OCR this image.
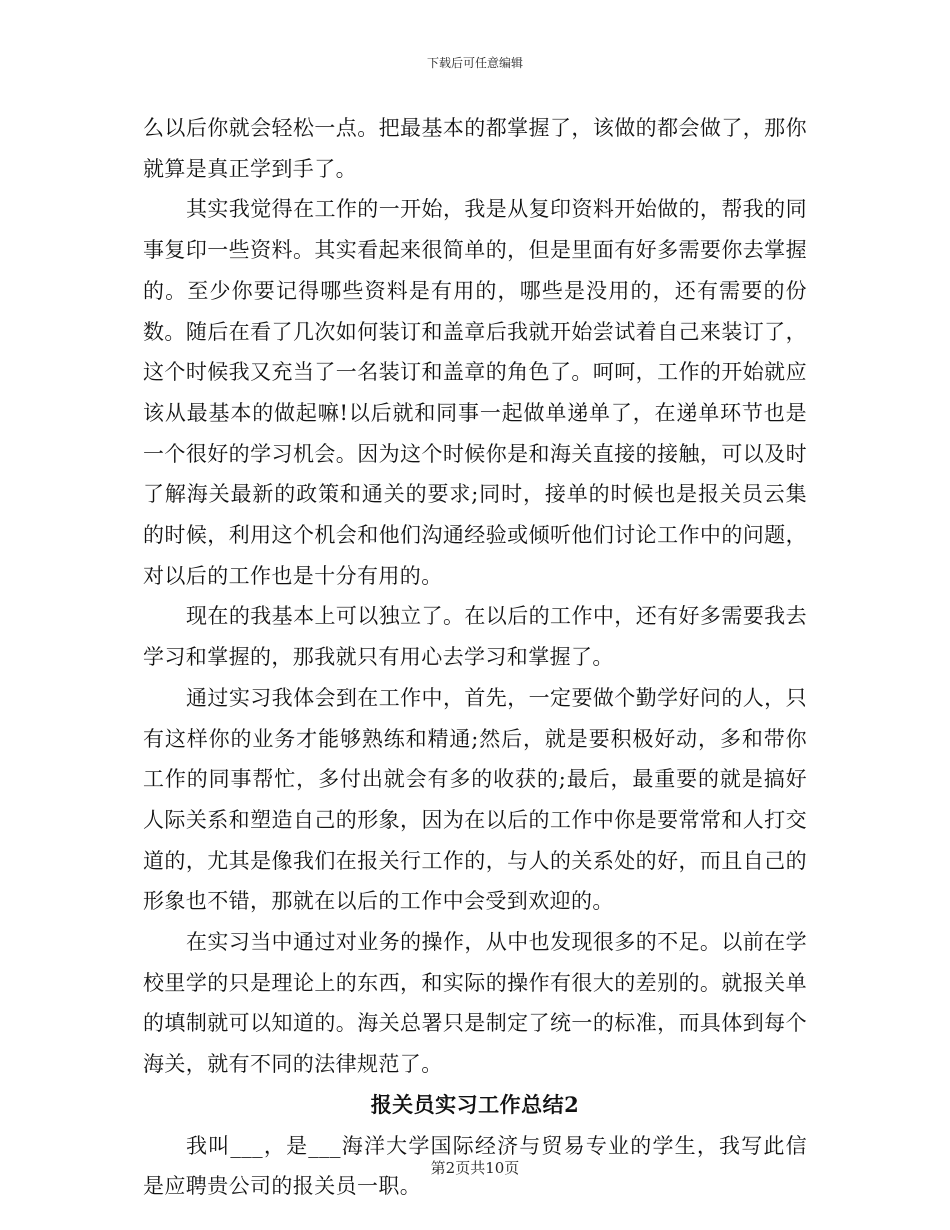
下载后可任意编辑

么以后你就会轻松一点。把最基本的都掌握了，该做的都会做了，那你就算是真正学到手了。

其实我觉得在工作的一开始，我是从复印资料开始做的，帮我的同事复印一些资料。其实看起来很简单的，但是里面有好多需要你去掌握的。至少你要记得哪些资料是有用的，哪些是没用的，还有需要的份数。随后在看了几次如何装订和盖章后我就开始尝试着自己来装订了，这个时候我又充当了一名装订和盖章的角色了。呵呵，工作的开始就应该从最基本的做起嘛!以后就和同事一起做单递单了，在递单环节也是一个很好的学习机会。因为这个时候你是和海关直接的接触，可以及时了解海关最新的政策和通关的要求;同时，接单的时候也是报关员云集的时候，利用这个机会和他们沟通经验或倾听他们讨论工作中的问题，对以后的工作也是十分有用的。

现在的我基本上可以独立了。在以后的工作中，还有好多需要我去学习和掌握的，那我就只有用心去学习和掌握了。

通过实习我体会到在工作中，首先，一定要做个勤学好问的人，只有这样你的业务才能够熟练和精通;然后，就是要积极好动，多和带你工作的同事帮忙，多付出就会有多的收获的;最后，最重要的就是搞好人际关系和塑造自己的形象，因为在以后的工作中你是要常常和人打交道的，尤其是像我们在报关行工作的，与人的关系处的好，而且自己的形象也不错，那就在以后的工作中会受到欢迎的。

在实习当中通过对业务的操作，从中也发现很多的不足。以前在学校里学的只是理论上的东西，和实际的操作有很大的差别的。就报关单的填制就可以知道的。海关总署只是制定了统一的标准，而具体到每个海关，就有不同的法律规范了。

报关员实习工作总结2

我叫___，是___海洋大学国际经济与贸易专业的学生，我写此信是应聘贵公司的报关员一职。

第2页共10页
